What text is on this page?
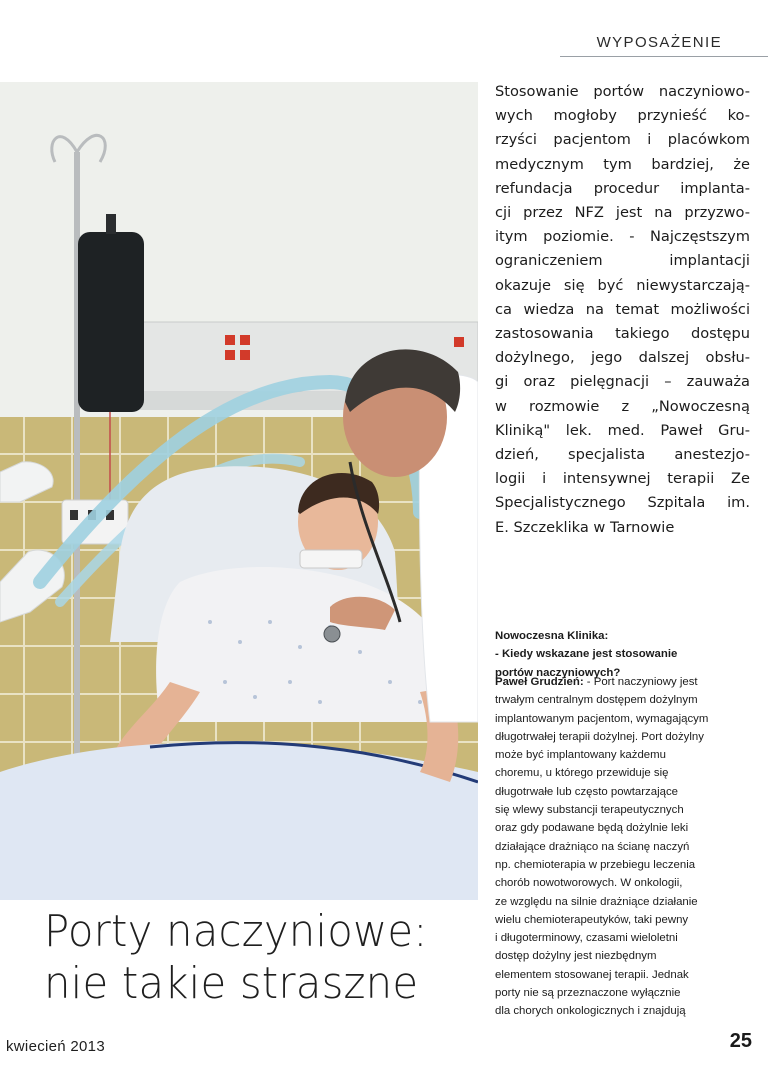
WYPOSAŻENIE

Stosowanie portów naczyniowo-
wych mogłoby przynieść ko-
rzyści pacjentom i placówkom
medycznym tym bardziej, że
refundacja procedur implanta-
cji przez NFZ jest na przyzwo-
itym poziomie. - Najczęstszym
ograniczeniem implantacji
okazuje się być niewystarczają-
ca wiedza na temat możliwości
zastosowania takiego dostępu
dożylnego, jego dalszej obsłu-
gi oraz pielęgnacji – zauważa
w rozmowie z „Nowoczesną
Kliniką" lek. med. Paweł Gru-
dzień, specjalista anestezjo-
logii i intensywnej terapii Ze
Specjalistycznego Szpitala im.
E. Szczeklika w Tarnowie

Nowoczesna Klinika:
- Kiedy wskazane jest stosowanie
portów naczyniowych?
Paweł Grudzień: - Port naczyniowy jest
trwałym centralnym dostępem dożylnym
implantowanym pacjentom, wymagającym
długotrwałej terapii dożylnej. Port dożylny
może być implantowany każdemu
choremu, u którego przewiduje się
długotrwałe lub często powtarzające
się wlewy substancji terapeutycznych
oraz gdy podawane będą dożylnie leki
działające drażniąco na ścianę naczyń
np. chemioterapia w przebiegu leczenia
chorób nowotworowych. W onkologii,
ze względu na silnie drażniące działanie
wielu chemioterapeutyków, taki pewny
i długoterminowy, czasami wieloletni
dostęp dożylny jest niezbędnym
elementem stosowanej terapii. Jednak
porty nie są przeznaczone wyłącznie
dla chorych onkologicznych i znajdują
Porty naczyniowe:
nie takie straszne
kwiecień 2013	25
